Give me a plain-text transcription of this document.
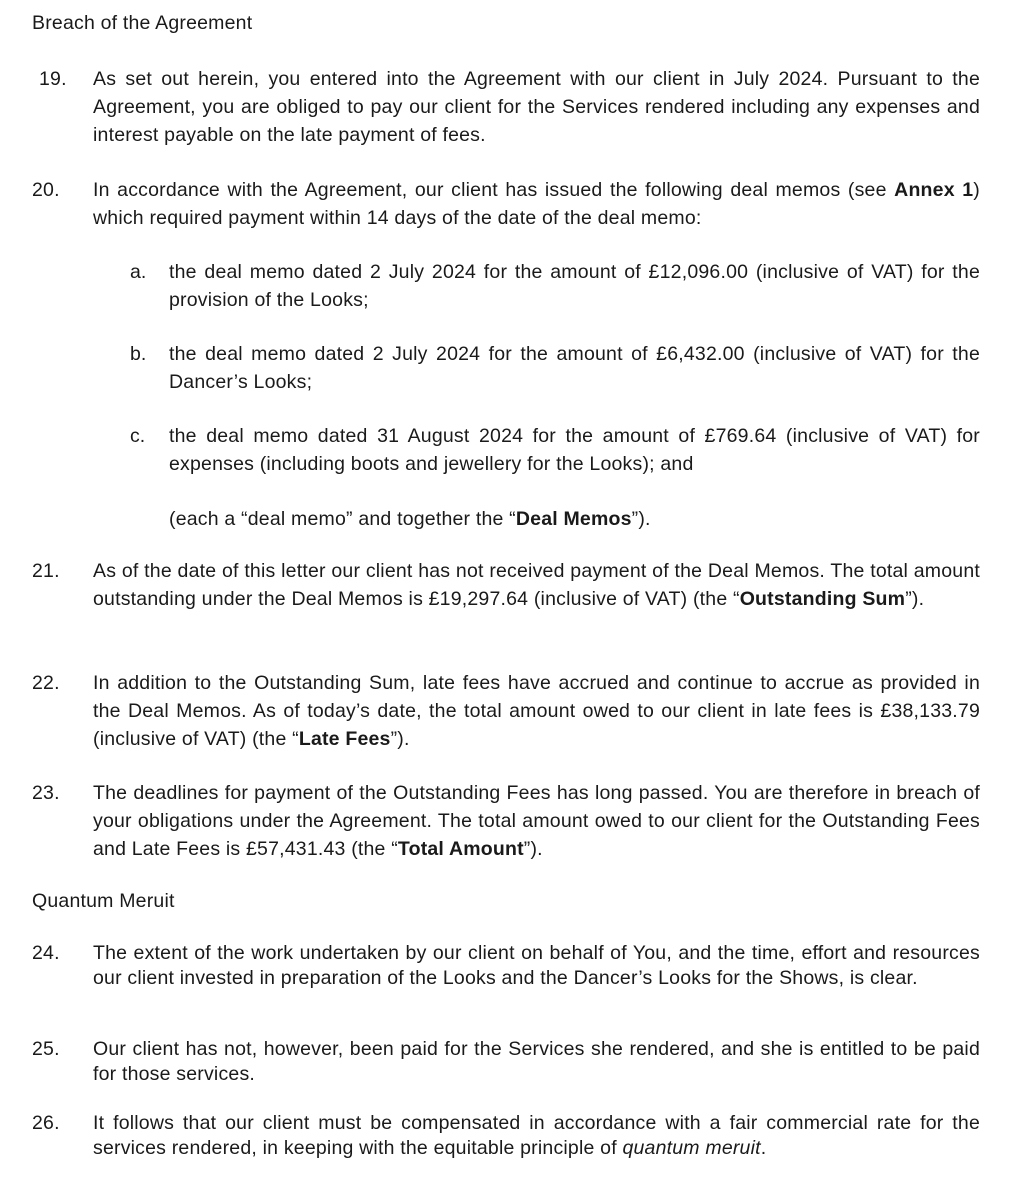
Breach of the Agreement
19.	As set out herein, you entered into the Agreement with our client in July 2024. Pursuant to the Agreement, you are obliged to pay our client for the Services rendered including any expenses and interest payable on the late payment of fees.
20.	In accordance with the Agreement, our client has issued the following deal memos (see Annex 1) which required payment within 14 days of the date of the deal memo:
a.	the deal memo dated 2 July 2024 for the amount of £12,096.00 (inclusive of VAT) for the provision of the Looks;
b.	the deal memo dated 2 July 2024 for the amount of £6,432.00 (inclusive of VAT) for the Dancer’s Looks;
c.	the deal memo dated 31 August 2024 for the amount of £769.64 (inclusive of VAT) for expenses (including boots and jewellery for the Looks); and
(each a “deal memo” and together the “Deal Memos”).
21.	As of the date of this letter our client has not received payment of the Deal Memos. The total amount outstanding under the Deal Memos is £19,297.64 (inclusive of VAT) (the “Outstanding Sum”).
22.	In addition to the Outstanding Sum, late fees have accrued and continue to accrue as provided in the Deal Memos. As of today’s date, the total amount owed to our client in late fees is £38,133.79 (inclusive of VAT) (the “Late Fees”).
23.	The deadlines for payment of the Outstanding Fees has long passed. You are therefore in breach of your obligations under the Agreement. The total amount owed to our client for the Outstanding Fees and Late Fees is £57,431.43 (the “Total Amount”).
Quantum Meruit
24.	The extent of the work undertaken by our client on behalf of You, and the time, effort and resources our client invested in preparation of the Looks and the Dancer’s Looks for the Shows, is clear.
25.	Our client has not, however, been paid for the Services she rendered, and she is entitled to be paid for those services.
26.	It follows that our client must be compensated in accordance with a fair commercial rate for the services rendered, in keeping with the equitable principle of quantum meruit.
